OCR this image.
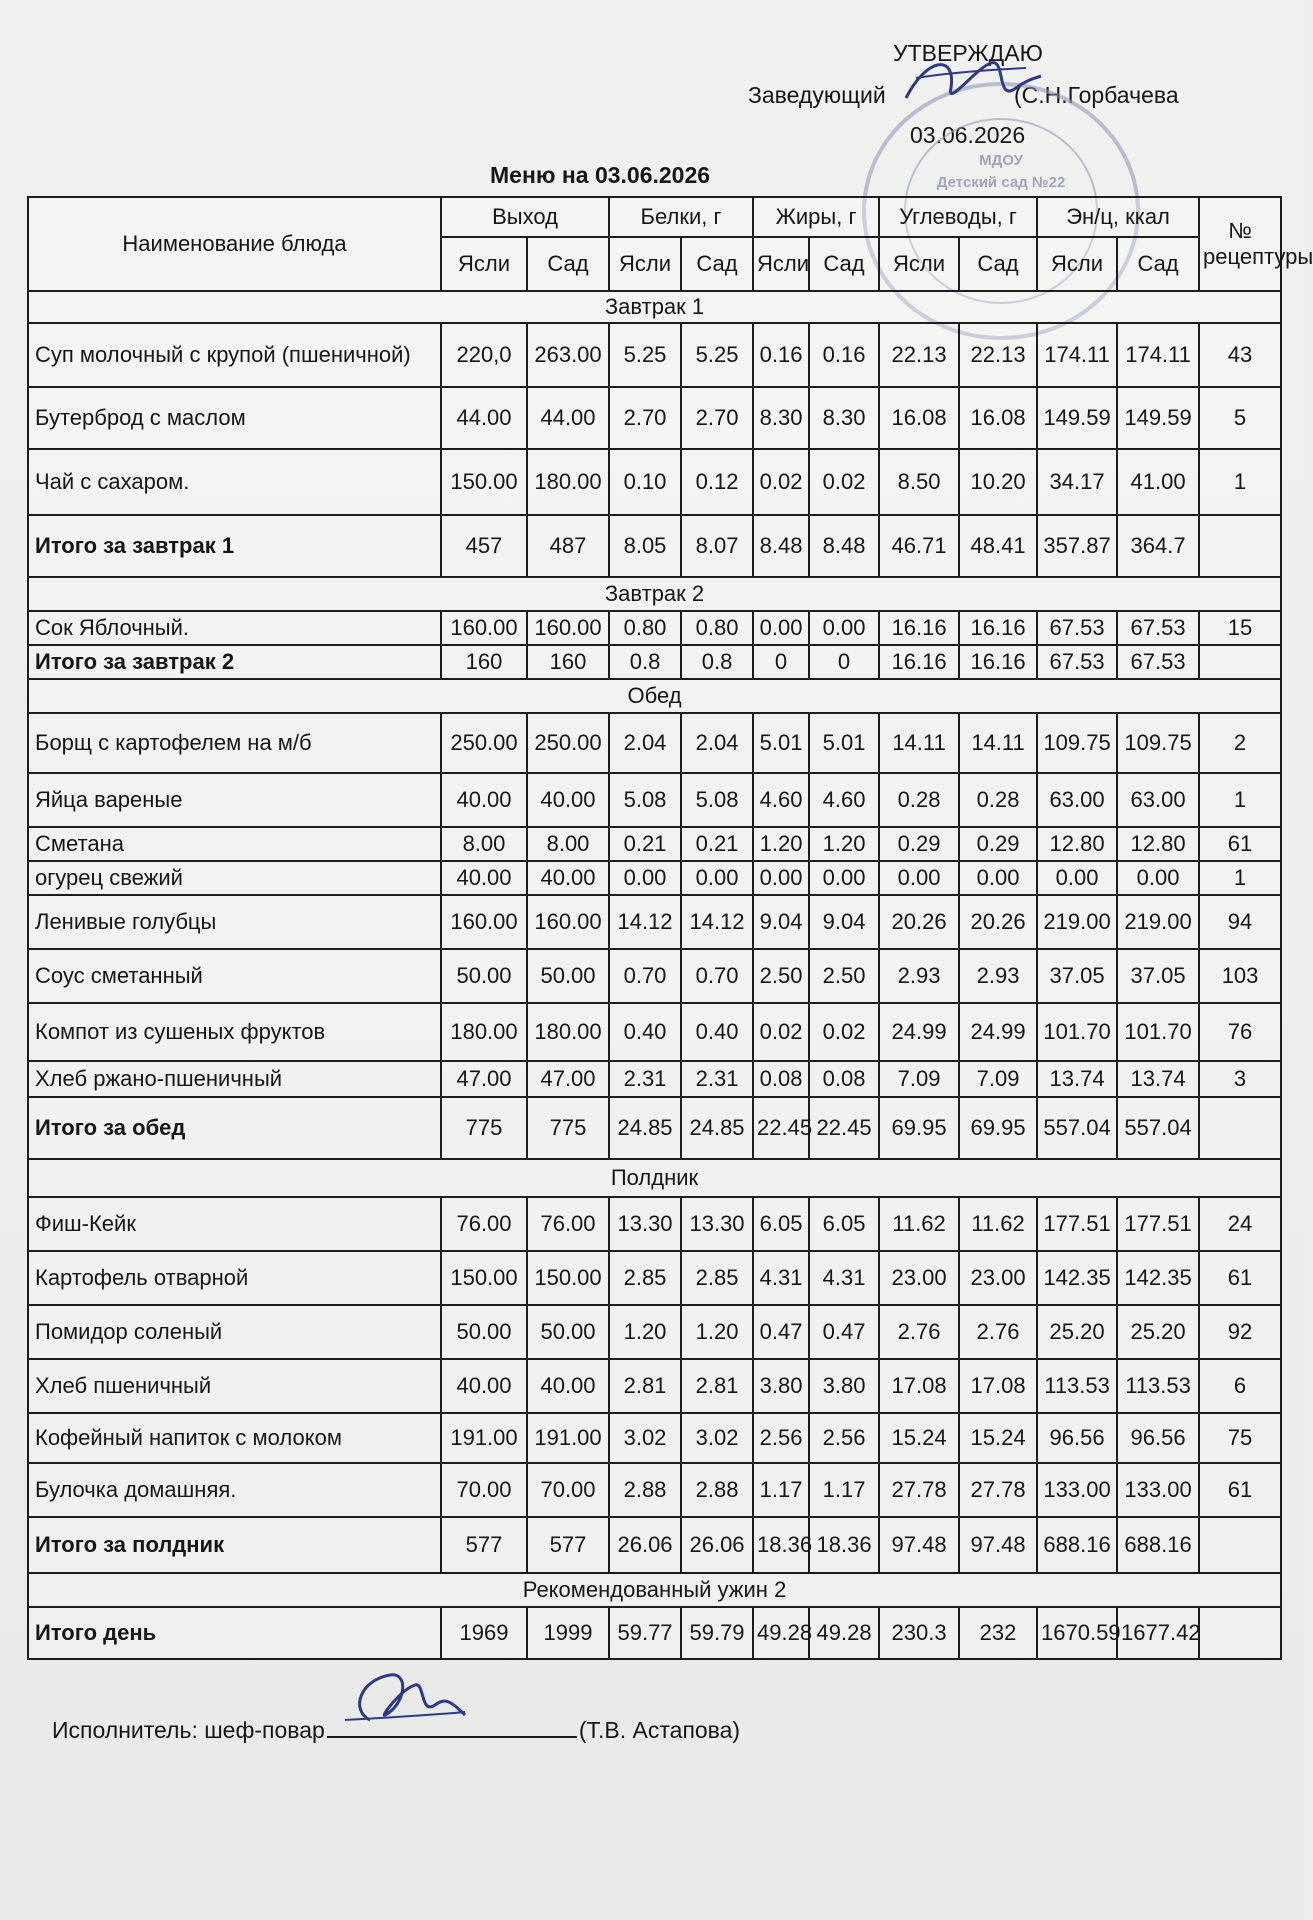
УТВЕРЖДАЮ
Заведующий	(С.Н.Горбачева
03.06.2026
МДОУ
Детский сад №22
Меню на 03.06.2026
Наименование блюда	Выход		Белки, г		Жиры, г		Углеводы, г		Эн/ц, ккал		№ рецептуры
	Ясли	Сад	Ясли	Сад	Ясли	Сад	Ясли	Сад	Ясли	Сад	
Завтрак 1											
Суп молочный с крупой (пшеничной)	220,0	263.00	5.25	5.25	0.16	0.16	22.13	22.13	174.11	174.11	43
Бутерброд с маслом	44.00	44.00	2.70	2.70	8.30	8.30	16.08	16.08	149.59	149.59	5
Чай с сахаром.	150.00	180.00	0.10	0.12	0.02	0.02	8.50	10.20	34.17	41.00	1
Итого за завтрак 1	457	487	8.05	8.07	8.48	8.48	46.71	48.41	357.87	364.7	
Завтрак 2											
Сок Яблочный.	160.00	160.00	0.80	0.80	0.00	0.00	16.16	16.16	67.53	67.53	15
Итого за завтрак 2	160	160	0.8	0.8	0	0	16.16	16.16	67.53	67.53	
Обед											
Борщ с картофелем на м/б	250.00	250.00	2.04	2.04	5.01	5.01	14.11	14.11	109.75	109.75	2
Яйца вареные	40.00	40.00	5.08	5.08	4.60	4.60	0.28	0.28	63.00	63.00	1
Сметана	8.00	8.00	0.21	0.21	1.20	1.20	0.29	0.29	12.80	12.80	61
огурец свежий	40.00	40.00	0.00	0.00	0.00	0.00	0.00	0.00	0.00	0.00	1
Ленивые голубцы	160.00	160.00	14.12	14.12	9.04	9.04	20.26	20.26	219.00	219.00	94
Соус сметанный	50.00	50.00	0.70	0.70	2.50	2.50	2.93	2.93	37.05	37.05	103
Компот из сушеных фруктов	180.00	180.00	0.40	0.40	0.02	0.02	24.99	24.99	101.70	101.70	76
Хлеб ржано-пшеничный	47.00	47.00	2.31	2.31	0.08	0.08	7.09	7.09	13.74	13.74	3
Итого за обед	775	775	24.85	24.85	22.45	22.45	69.95	69.95	557.04	557.04	
Полдник											
Фиш-Кейк	76.00	76.00	13.30	13.30	6.05	6.05	11.62	11.62	177.51	177.51	24
Картофель отварной	150.00	150.00	2.85	2.85	4.31	4.31	23.00	23.00	142.35	142.35	61
Помидор соленый	50.00	50.00	1.20	1.20	0.47	0.47	2.76	2.76	25.20	25.20	92
Хлеб пшеничный	40.00	40.00	2.81	2.81	3.80	3.80	17.08	17.08	113.53	113.53	6
Кофейный напиток с молоком	191.00	191.00	3.02	3.02	2.56	2.56	15.24	15.24	96.56	96.56	75
Булочка домашняя.	70.00	70.00	2.88	2.88	1.17	1.17	27.78	27.78	133.00	133.00	61
Итого за полдник	577	577	26.06	26.06	18.36	18.36	97.48	97.48	688.16	688.16	
Рекомендованный ужин 2											
Итого день	1969	1999	59.77	59.79	49.28	49.28	230.3	232	1670.59	1677.42	
Исполнитель: шеф-повар	(Т.В. Астапова)
